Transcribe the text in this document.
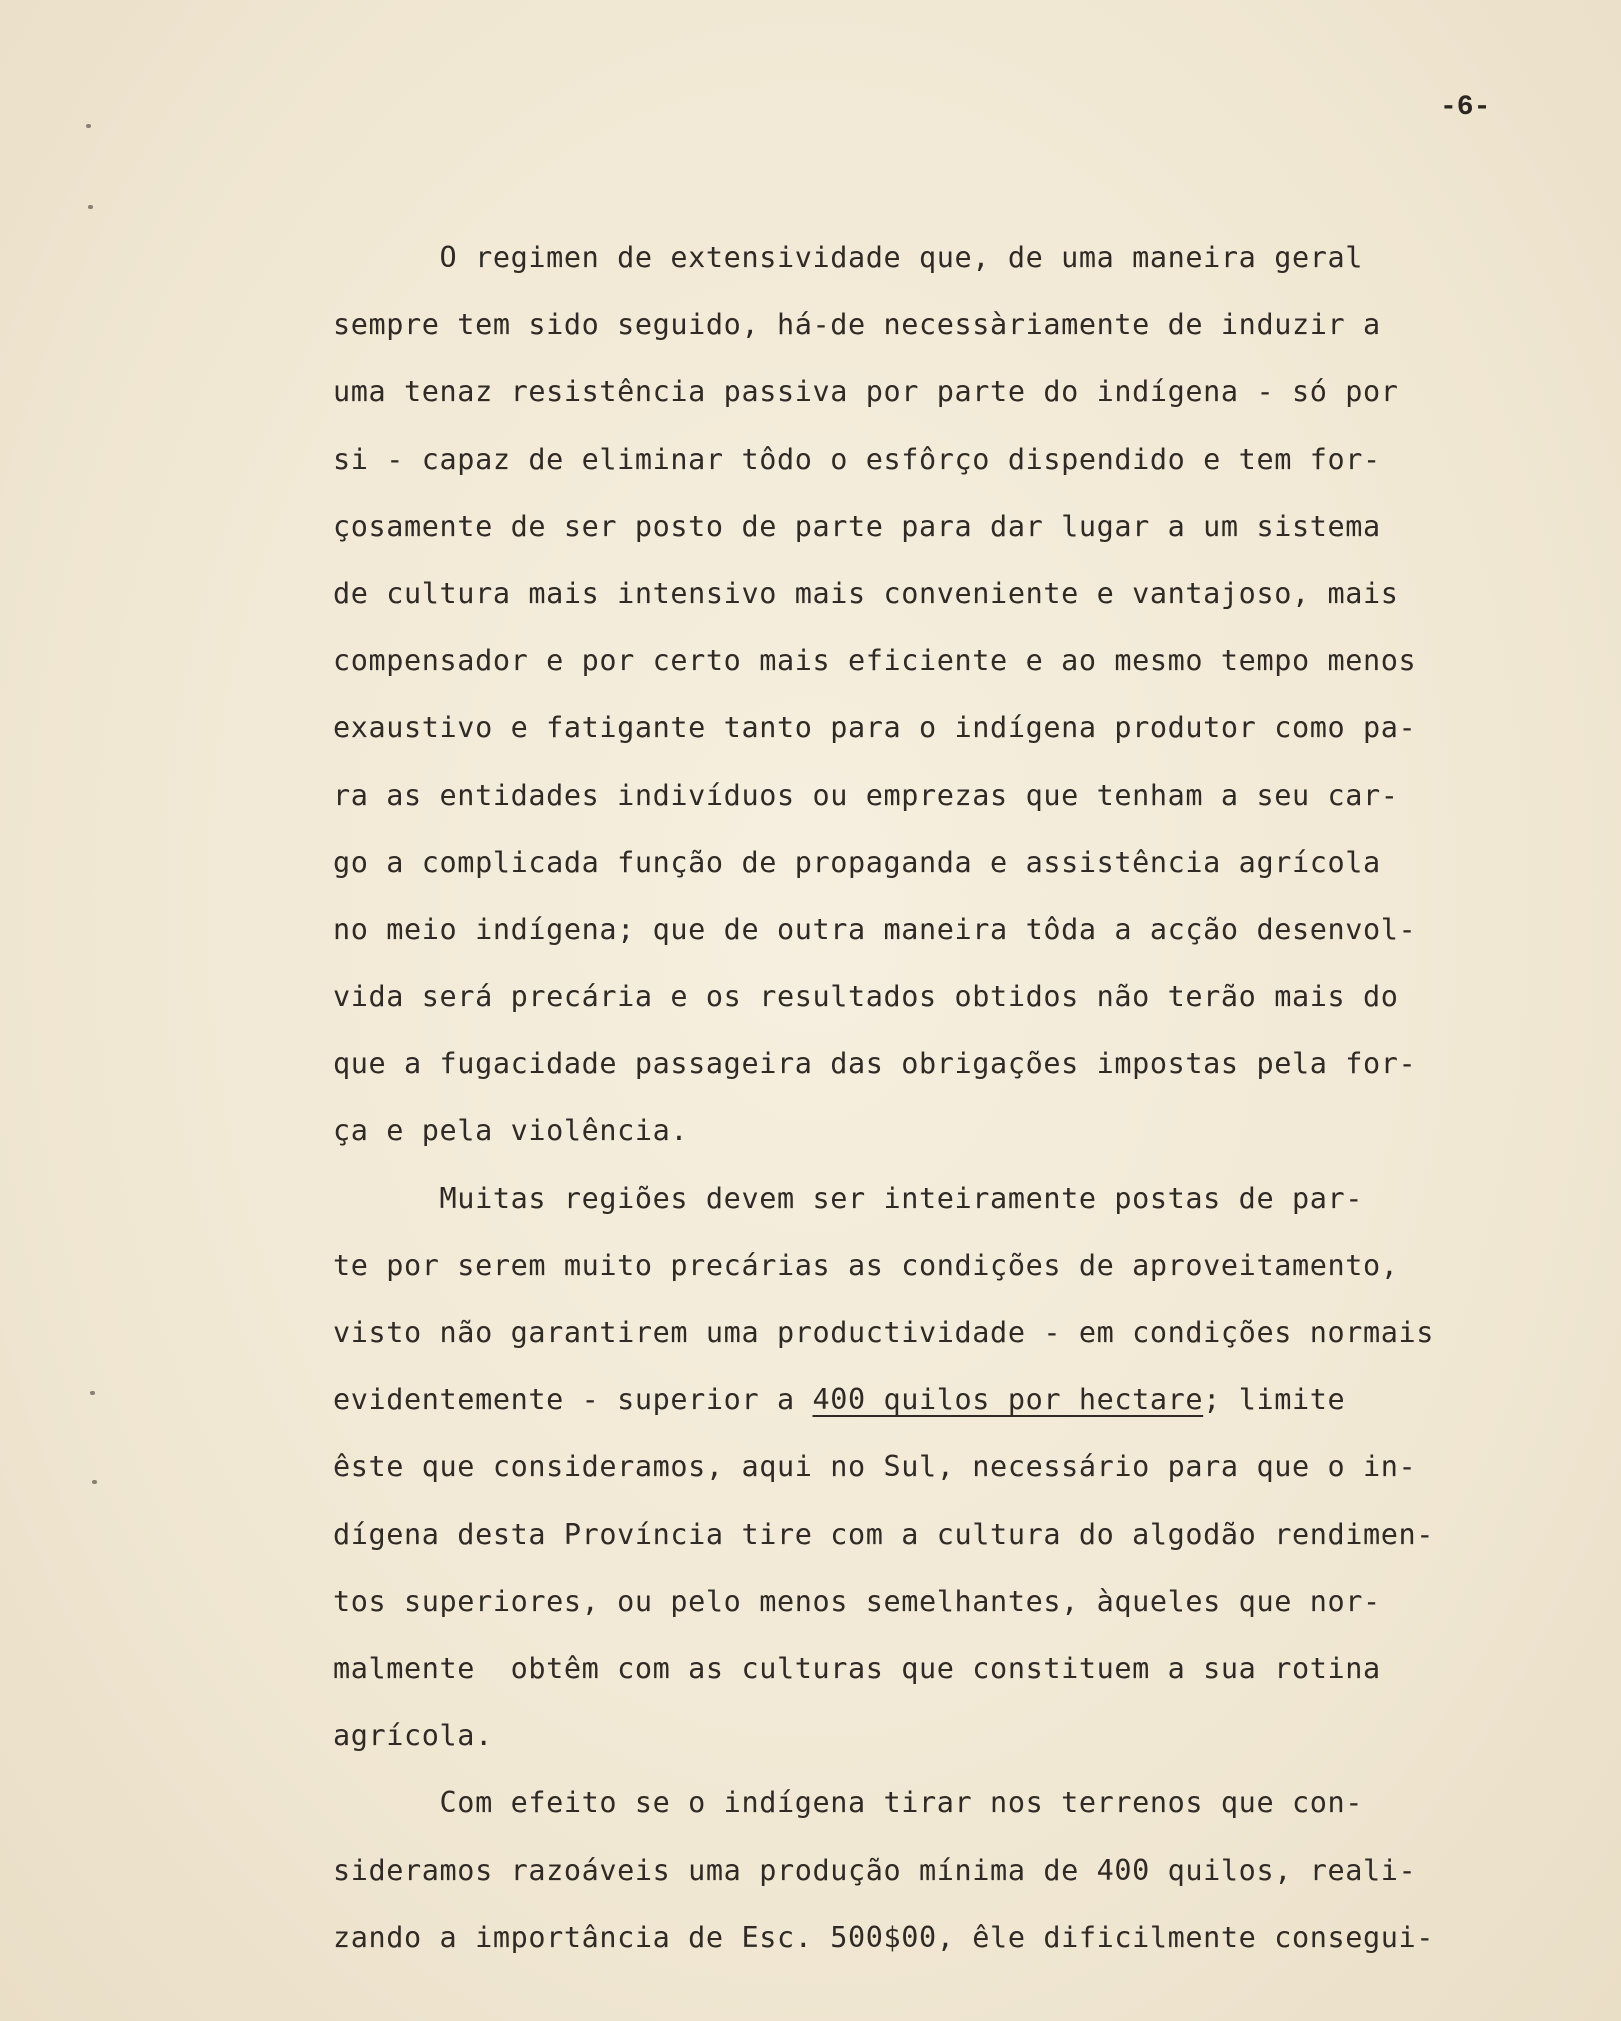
-6-
O regimen de extensividade que, de uma maneira geral
sempre tem sido seguido, há-de necessàriamente de induzir a
uma tenaz resistência passiva por parte do indígena - só por
si - capaz de eliminar tôdo o esfôrço dispendido e tem for-
çosamente de ser posto de parte para dar lugar a um sistema
de cultura mais intensivo mais conveniente e vantajoso, mais
compensador e por certo mais eficiente e ao mesmo tempo menos
exaustivo e fatigante tanto para o indígena produtor como pa-
ra as entidades indivíduos ou emprezas que tenham a seu car-
go a complicada função de propaganda e assistência agrícola
no meio indígena; que de outra maneira tôda a acção desenvol-
vida será precária e os resultados obtidos não terão mais do
que a fugacidade passageira das obrigações impostas pela for-
ça e pela violência.
Muitas regiões devem ser inteiramente postas de par-
te por serem muito precárias as condições de aproveitamento,
visto não garantirem uma productividade - em condições normais
evidentemente - superior a 400 quilos por hectare; limite
êste que consideramos, aqui no Sul, necessário para que o in-
dígena desta Província tire com a cultura do algodão rendimen-
tos superiores, ou pelo menos semelhantes, àqueles que nor-
malmente  obtêm com as culturas que constituem a sua rotina
agrícola.
Com efeito se o indígena tirar nos terrenos que con-
sideramos razoáveis uma produção mínima de 400 quilos, reali-
zando a importância de Esc. 500$00, êle dificilmente consegui-
